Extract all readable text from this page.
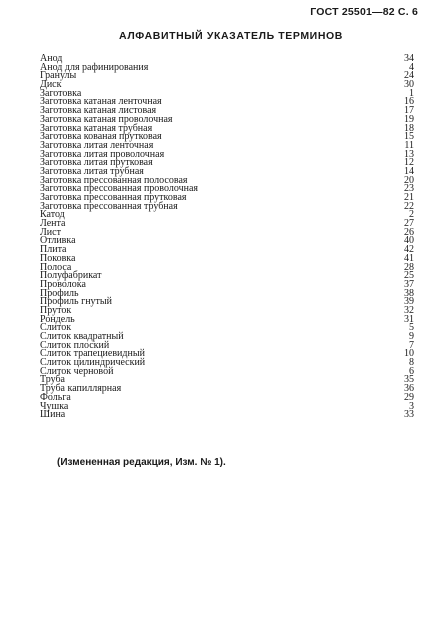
ГОСТ 25501—82 С. 6
АЛФАВИТНЫЙ УКАЗАТЕЛЬ ТЕРМИНОВ
Анод	34
Анод для рафинирования	4
Гранулы	24
Диск	30
Заготовка	1
Заготовка катаная ленточная	16
Заготовка катаная листовая	17
Заготовка катаная проволочная	19
Заготовка катаная трубная	18
Заготовка кованая прутковая	15
Заготовка литая ленточная	11
Заготовка литая проволочная	13
Заготовка литая прутковая	12
Заготовка литая трубная	14
Заготовка прессованная полосовая	20
Заготовка прессованная проволочная	23
Заготовка прессованная прутковая	21
Заготовка прессованная трубная	22
Катод	2
Лента	27
Лист	26
Отливка	40
Плита	42
Поковка	41
Полоса	28
Полуфабрикат	25
Проволока	37
Профиль	38
Профиль гнутый	39
Пруток	32
Рондель	31
Слиток	5
Слиток квадратный	9
Слиток плоский	7
Слиток трапециевидный	10
Слиток цилиндрический	8
Слиток черновой	6
Труба	35
Труба капиллярная	36
Фольга	29
Чушка	3
Шина	33
(Измененная редакция, Изм. № 1).
